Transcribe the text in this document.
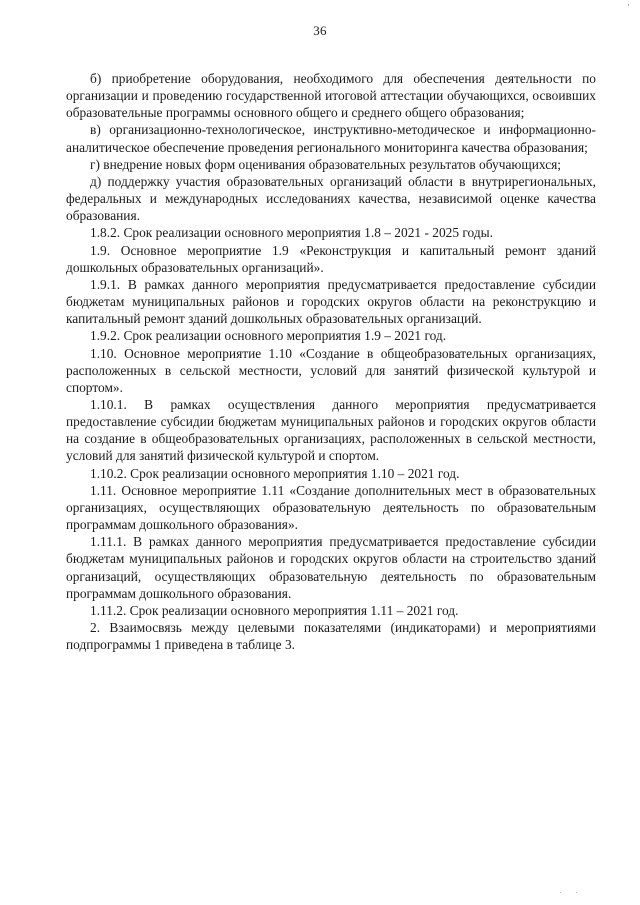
·
36

б) приобретение оборудования, необходимого для обеспечения деятельности по организации и проведению государственной итоговой аттестации обучающихся, освоивших образовательные программы основного общего и среднего общего образования;

в) организационно-технологическое, инструктивно-методическое и информационно-аналитическое обеспечение проведения регионального мониторинга качества образования;

г) внедрение новых форм оценивания образовательных результатов обучающихся;

д) поддержку участия образовательных организаций области в внутрирегиональных, федеральных и международных исследованиях качества, независимой оценке качества образования.

1.8.2. Срок реализации основного мероприятия 1.8 – 2021 - 2025 годы.

1.9. Основное мероприятие 1.9 «Реконструкция и капитальный ремонт зданий дошкольных образовательных организаций».

1.9.1. В рамках данного мероприятия предусматривается предоставление субсидии бюджетам муниципальных районов и городских округов области на реконструкцию и капитальный ремонт зданий дошкольных образовательных организаций.

1.9.2. Срок реализации основного мероприятия 1.9 – 2021 год.

1.10. Основное мероприятие 1.10 «Создание в общеобразовательных организациях, расположенных в сельской местности, условий для занятий физической культурой и спортом».

1.10.1. В рамках осуществления данного мероприятия предусматривается предоставление субсидии бюджетам муниципальных районов и городских округов области на создание в общеобразовательных организациях, расположенных в сельской местности, условий для занятий физической культурой и спортом.

1.10.2. Срок реализации основного мероприятия 1.10 – 2021 год.

1.11. Основное мероприятие 1.11 «Создание дополнительных мест в образовательных организациях, осуществляющих образовательную деятельность по образовательным программам дошкольного образования».

1.11.1. В рамках данного мероприятия предусматривается предоставление субсидии бюджетам муниципальных районов и городских округов области на строительство зданий организаций, осуществляющих образовательную деятельность по образовательным программам дошкольного образования.

1.11.2. Срок реализации основного мероприятия 1.11 – 2021 год.

2. Взаимосвязь между целевыми показателями (индикаторами) и мероприятиями подпрограммы 1 приведена в таблице 3.

· ·
